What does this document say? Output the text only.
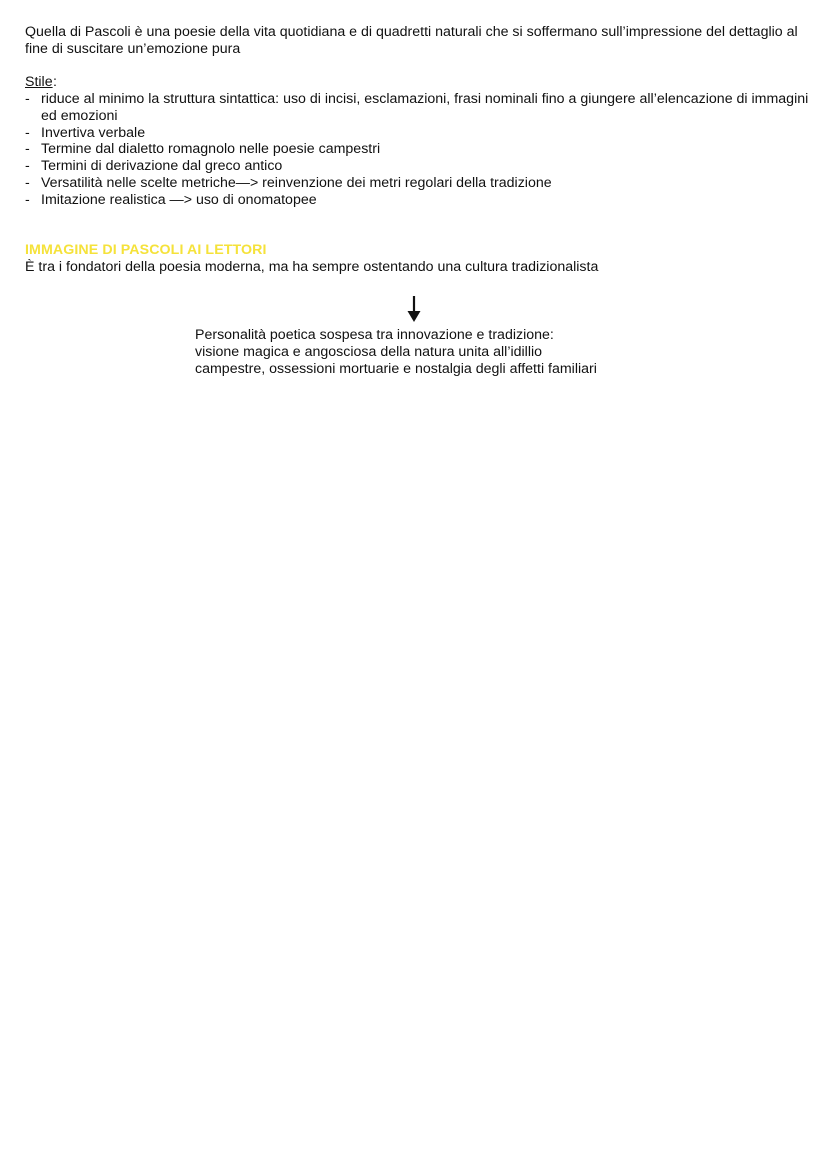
Quella di Pascoli è una poesie della vita quotidiana e di quadretti naturali che si soffermano sull’impressione del dettaglio al fine di suscitare un’emozione pura

Stile :
- riduce al minimo la struttura sintattica: uso di incisi, esclamazioni, frasi nominali fino a giungere all’elencazione di immagini ed emozioni
- Invertiva verbale
- Termine dal dialetto romagnolo nelle poesie campestri
- Termini di derivazione dal greco antico
- Versatilità nelle scelte metriche—> reinvenzione dei metri regolari della tradizione
- Imitazione realistica —> uso di onomatopee

IMMAGINE DI PASCOLI AI LETTORI

È tra i fondatori della poesia moderna, ma ha sempre ostentando una cultura tradizionalista

Personalità poetica sospesa tra innovazione e tradizione:
visione magica e angosciosa della natura unita all’idillio
campestre, ossessioni mortuarie e nostalgia degli affetti familiari
